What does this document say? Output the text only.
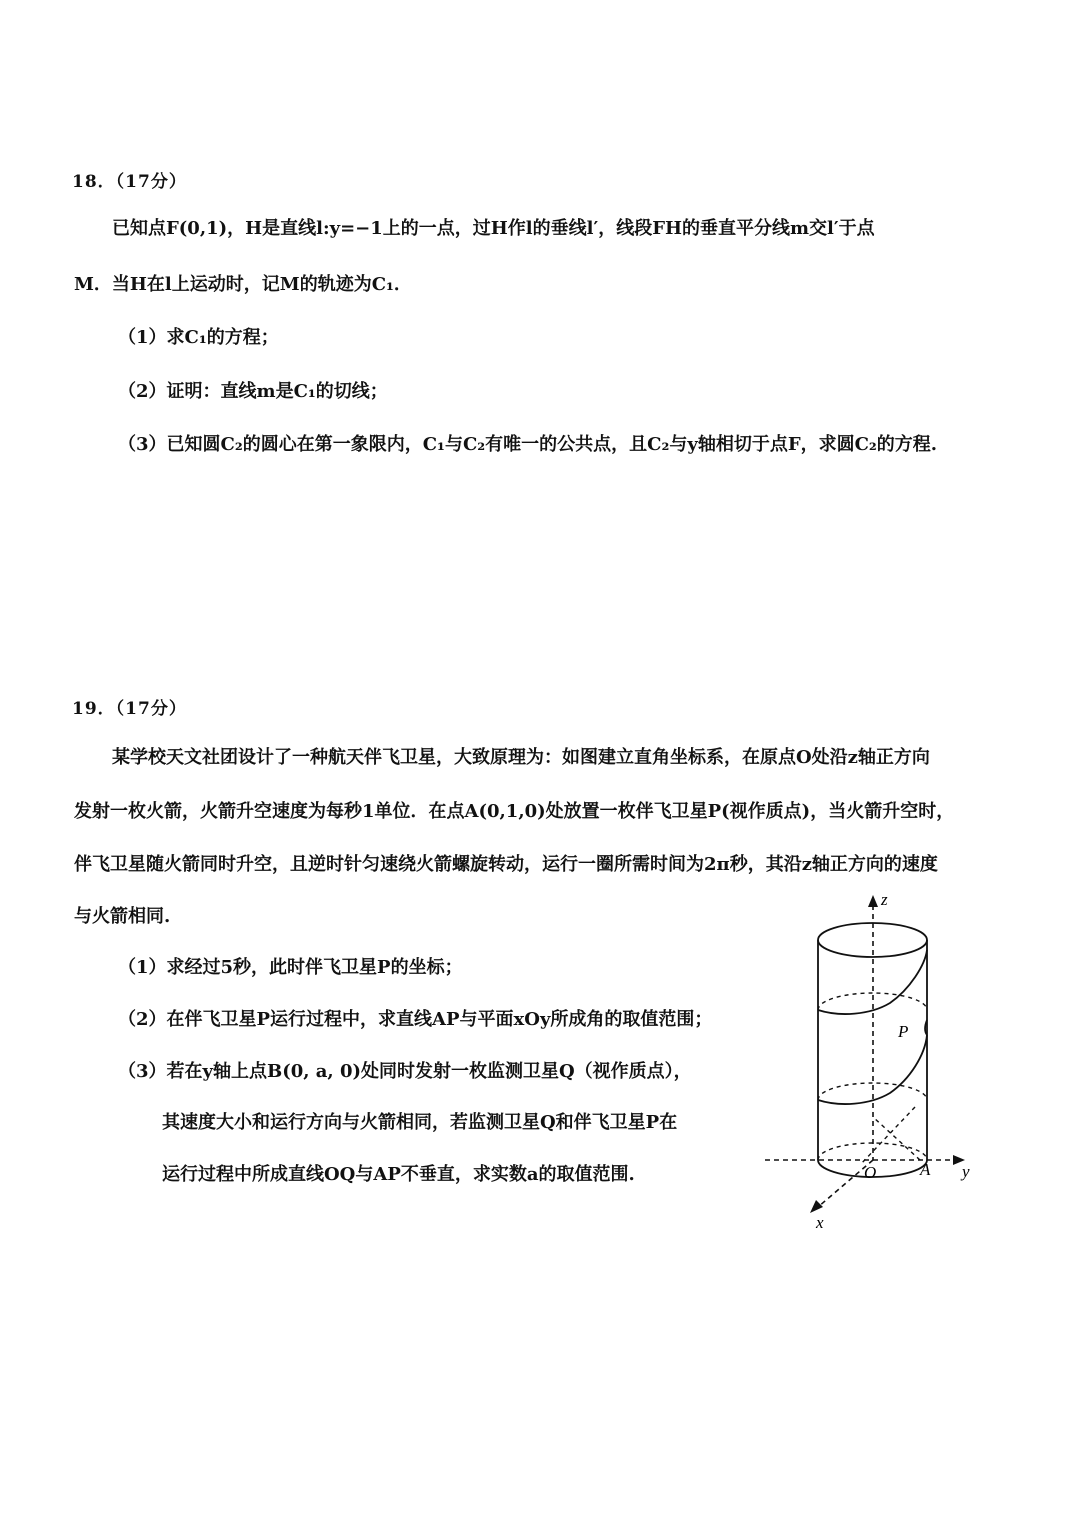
18．（17分）
已知点F(0,1)，H是直线l:y=−1上的一点，过H作l的垂线l′，线段FH的垂直平分线m交l′于点
M．当H在l上运动时，记M的轨迹为C₁．
（1）求C₁的方程；
（2）证明：直线m是C₁的切线；
（3）已知圆C₂的圆心在第一象限内，C₁与C₂有唯一的公共点，且C₂与y轴相切于点F，求圆C₂的方程.
19．（17分）
某学校天文社团设计了一种航天伴飞卫星，大致原理为：如图建立直角坐标系，在原点O处沿z轴正方向
发射一枚火箭，火箭升空速度为每秒1单位．在点A(0,1,0)处放置一枚伴飞卫星P(视作质点)，当火箭升空时，
伴飞卫星随火箭同时升空，且逆时针匀速绕火箭螺旋转动，运行一圈所需时间为2π秒，其沿z轴正方向的速度
与火箭相同.
（1）求经过5秒，此时伴飞卫星P的坐标；
（2）在伴飞卫星P运行过程中，求直线AP与平面xOy所成角的取值范围；
（3）若在y轴上点B(0, a, 0)处同时发射一枚监测卫星Q（视作质点），
其速度大小和运行方向与火箭相同，若监测卫星Q和伴飞卫星P在
运行过程中所成直线OQ与AP不垂直，求实数a的取值范围.
z
y
x
O	A
P
